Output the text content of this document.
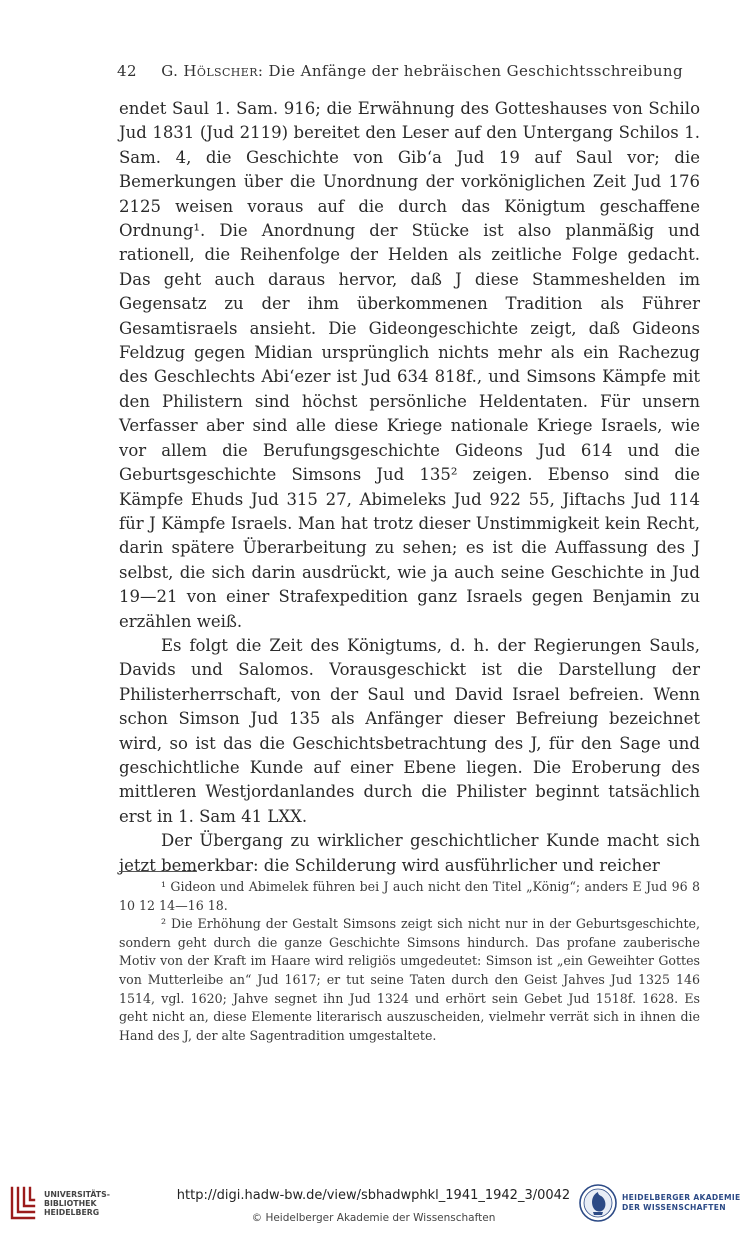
42 G. Hölscher: Die Anfänge der hebräischen Geschichtsschreibung

endet Saul 1. Sam. 916; die Erwähnung des Gotteshauses von Schilo Jud 1831 (Jud 2119) bereitet den Leser auf den Untergang Schilos 1. Sam. 4, die Geschichte von Gib‘a Jud 19 auf Saul vor; die Bemerkungen über die Unordnung der vorköniglichen Zeit Jud 176 2125 weisen voraus auf die durch das Königtum geschaffene Ordnung¹. Die Anordnung der Stücke ist also planmäßig und rationell, die Reihenfolge der Helden als zeitliche Folge gedacht. Das geht auch daraus hervor, daß J diese Stammeshelden im Gegensatz zu der ihm überkommenen Tradition als Führer Gesamtisraels ansieht. Die Gideongeschichte zeigt, daß Gideons Feldzug gegen Midian ursprünglich nichts mehr als ein Rachezug des Geschlechts Abi‘ezer ist Jud 634 818f., und Simsons Kämpfe mit den Philistern sind höchst persönliche Heldentaten. Für unsern Verfasser aber sind alle diese Kriege nationale Kriege Israels, wie vor allem die Berufungsgeschichte Gideons Jud 614 und die Geburtsgeschichte Simsons Jud 135² zeigen. Ebenso sind die Kämpfe Ehuds Jud 315 27, Abimeleks Jud 922 55, Jiftachs Jud 114 für J Kämpfe Israels. Man hat trotz dieser Unstimmigkeit kein Recht, darin spätere Überarbeitung zu sehen; es ist die Auffassung des J selbst, die sich darin ausdrückt, wie ja auch seine Geschichte in Jud 19—21 von einer Strafexpedition ganz Israels gegen Benjamin zu erzählen weiß.

Es folgt die Zeit des Königtums, d. h. der Regierungen Sauls, Davids und Salomos. Vorausgeschickt ist die Darstellung der Philisterherrschaft, von der Saul und David Israel befreien. Wenn schon Simson Jud 135 als Anfänger dieser Befreiung bezeichnet wird, so ist das die Geschichtsbetrachtung des J, für den Sage und geschichtliche Kunde auf einer Ebene liegen. Die Eroberung des mittleren Westjordanlandes durch die Philister beginnt tatsächlich erst in 1. Sam 41 LXX.

Der Übergang zu wirklicher geschichtlicher Kunde macht sich jetzt bemerkbar: die Schilderung wird ausführlicher und reicher

¹ Gideon und Abimelek führen bei J auch nicht den Titel „König“; anders E Jud 96 8 10 12 14—16 18.

² Die Erhöhung der Gestalt Simsons zeigt sich nicht nur in der Geburtsgeschichte, sondern geht durch die ganze Geschichte Simsons hindurch. Das profane zauberische Motiv von der Kraft im Haare wird religiös umgedeutet: Simson ist „ein Geweihter Gottes von Mutterleibe an“ Jud 1617; er tut seine Taten durch den Geist Jahves Jud 1325 146 1514, vgl. 1620; Jahve segnet ihn Jud 1324 und erhört sein Gebet Jud 1518f. 1628. Es geht nicht an, diese Elemente literarisch auszuscheiden, vielmehr verrät sich in ihnen die Hand des J, der alte Sagentradition umgestaltete.

UNIVERSITÄTS-
BIBLIOTHEK
HEIDELBERG
http://digi.hadw-bw.de/view/sbhadwphkl_1941_1942_3/0042
© Heidelberger Akademie der Wissenschaften
HEIDELBERGER AKADEMIE
DER WISSENSCHAFTEN
